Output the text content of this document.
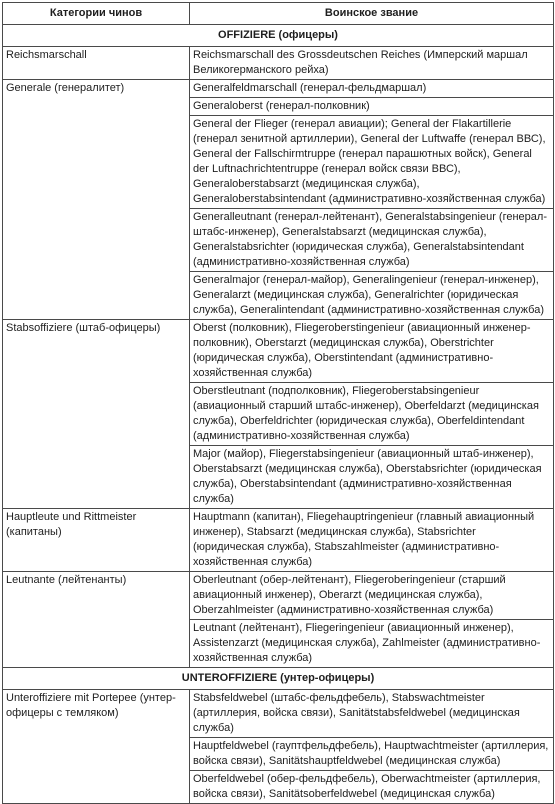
Категории чинов	Воинское звание
OFFIZIERE (офицеры)	
Reichsmarschall	Reichsmarschall des Grossdeutschen Reiches (Имперский маршал Великогерманского рейха)
Generale (генералитет)	Generalfeldmarschall (генерал-фельдмаршал)
	Generaloberst (генерал-полковник)
	General der Flieger (генерал авиации); General der Flakartillerie (генерал зенитной артиллерии), General der Luftwaffe (генерал ВВС), General der Fallschirmtruppe (генерал парашютных войск), General der Luftnachrichtentruppe (генерал войск связи ВВС), Generaloberstabsarzt (медицинская служба), Generaloberstabsintendant (административно-хозяйственная служба)
	Generalleutnant (генерал-лейтенант), Generalstabsingenieur (генерал-штабс-инженер), Generalstabsarzt (медицинская служба), Generalstabsrichter (юридическая служба), Generalstabsintendant (административно-хозяйственная служба)
	Generalmajor (генерал-майор), Generalingenieur (генерал-инженер), Generalarzt (медицинская служба), Generalrichter (юридическая служба), Generalintendant (административно-хозяйственная служба)
Stabsoffiziere (штаб-офицеры)	Oberst (полковник), Fliegeroberstingenieur (авиационный инженер-полковник), Oberstarzt (медицинская служба), Oberstrichter (юридическая служба), Oberstintendant (административно-хозяйственная служба)
	Oberstleutnant (подполковник), Fliegeroberstabsingenieur (авиационный старший штабс-инженер), Oberfeldarzt (медицинская служба), Oberfeldrichter (юридическая служба), Oberfeldintendant (административно-хозяйственная служба)
	Major (майор), Fliegerstabsingenieur (авиационный штаб-инженер), Oberstabsarzt (медицинская служба), Oberstabsrichter (юридическая служба), Oberstabsintendant (административно-хозяйственная служба)
Hauptleute und Rittmeister (капитаны)	Hauptmann (капитан), Fliegehauptringenieur (главный авиационный инженер), Stabsarzt (медицинская служба), Stabsrichter (юридическая служба), Stabszahlmeister (административно-хозяйственная служба)
Leutnante (лейтенанты)	Oberleutnant (обер-лейтенант), Fliegeroberingenieur (старший авиационный инженер), Oberarzt (медицинская служба), Oberzahlmeister (административно-хозяйственная служба)
	Leutnant (лейтенант), Fliegeringenieur (авиационный инженер), Assistenzarzt (медицинская служба), Zahlmeister (административно-хозяйственная служба)
UNTEROFFIZIERE (унтер-офицеры)	
Unteroffiziere mit Portepee (унтер-офицеры с темляком)	Stabsfeldwebel (штабс-фельдфебель), Stabswachtmeister (артиллерия, войска связи), Sanitätstabsfeldwebel (медицинская служба)
	Hauptfeldwebel (гауптфельдфебель), Hauptwachtmeister (артиллерия, войска связи), Sanitätshauptfeldwebel (медицинская служба)
	Oberfeldwebel (обер-фельдфебель), Oberwachtmeister (артиллерия, войска связи), Sanitätsoberfeldwebel (медицинская служба)
